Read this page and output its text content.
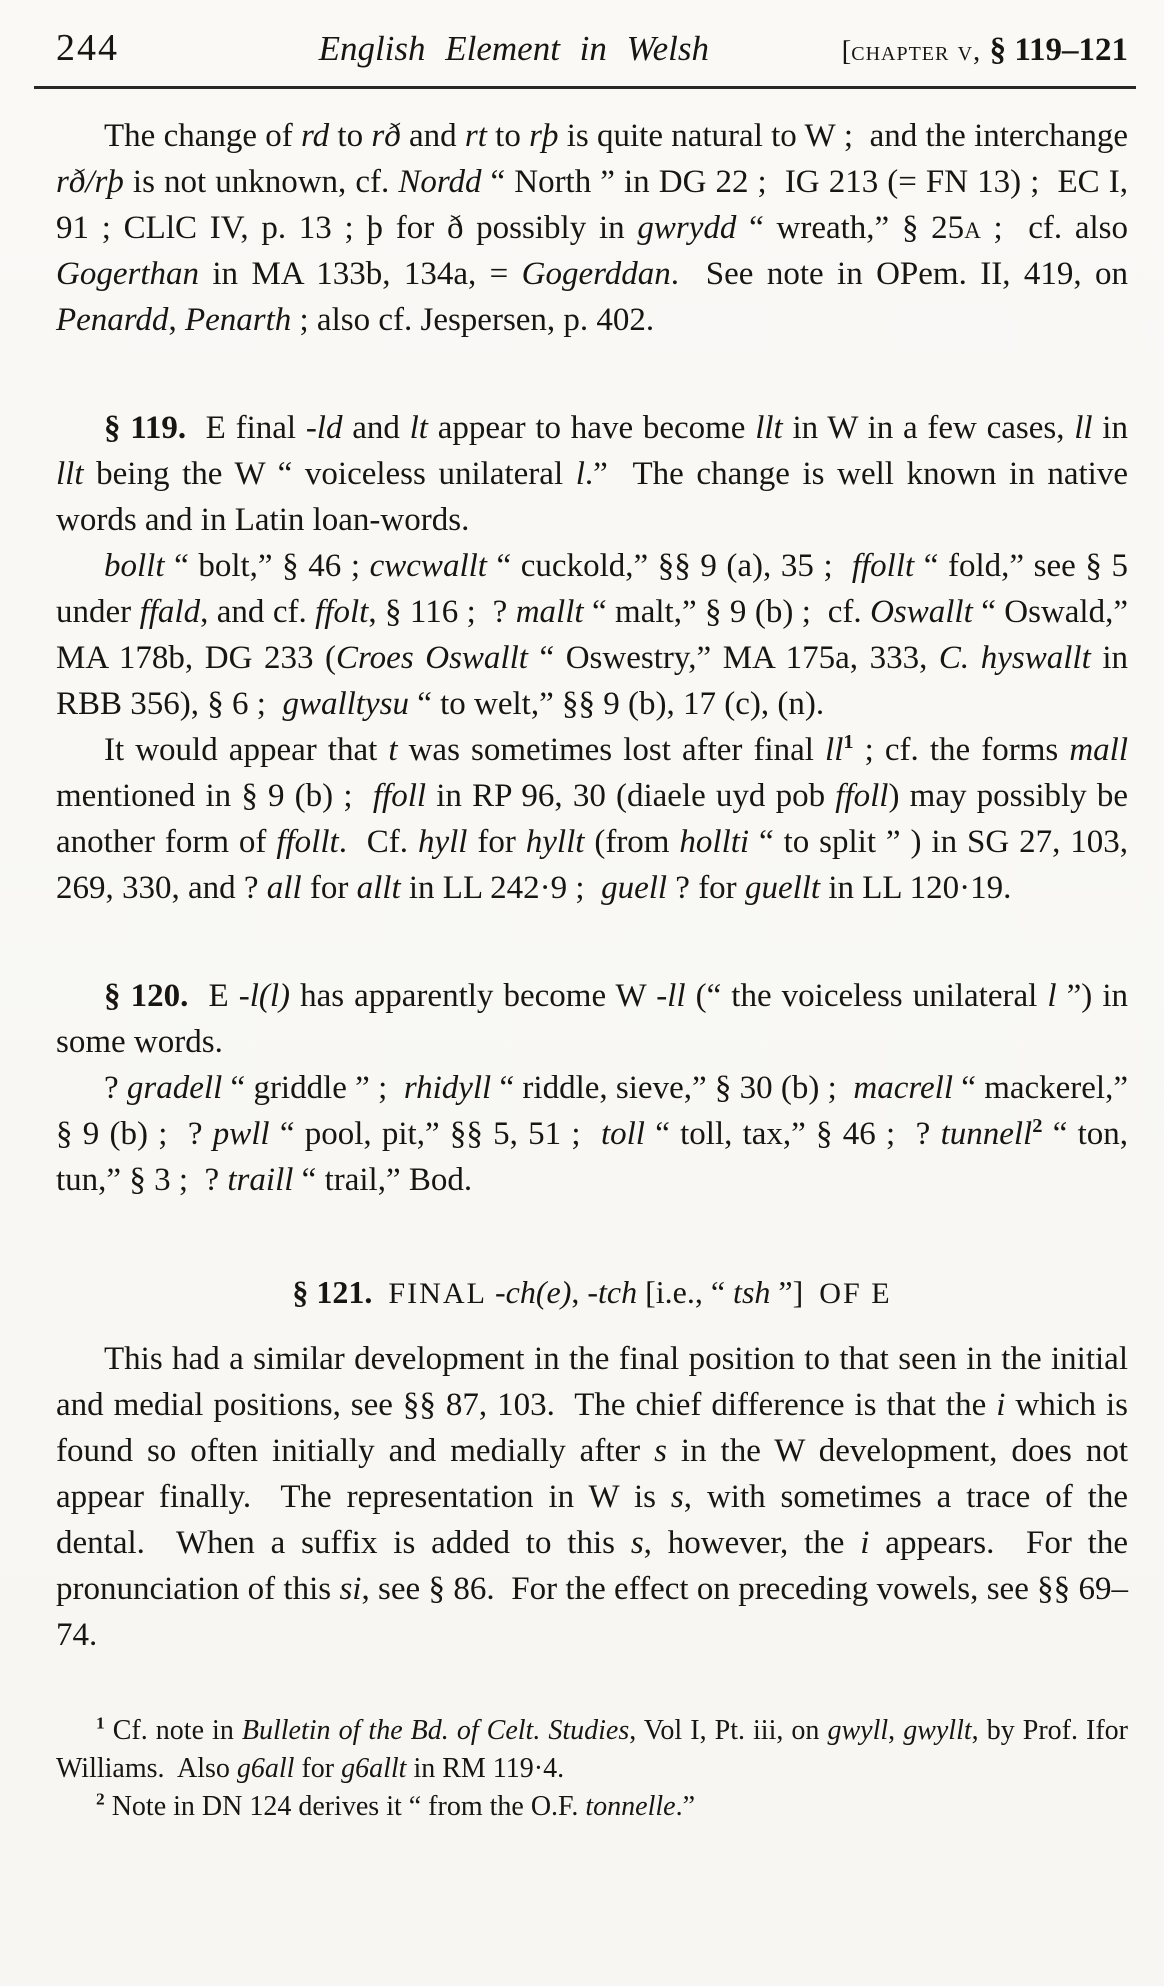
244	English Element in Welsh	[chapter v, § 119–121

The change of rd to rð and rt to rþ is quite natural to W ;  and the interchange rð/rþ is not unknown, cf. Nordd “ North ” in DG 22 ;  IG 213 (= FN 13) ;  EC I, 91 ; CLlC IV, p. 13 ; þ for ð possibly in gwrydd “ wreath,” § 25a ;  cf. also Gogerthan in MA 133b, 134a, = Gogerddan.  See note in OPem. II, 419, on Penardd, Penarth ; also cf. Jespersen, p. 402.

§ 119.  E final -ld and lt appear to have become llt in W in a few cases, ll in llt being the W “ voiceless unilateral l.”  The change is well known in native words and in Latin loan-words.

bollt “ bolt,” § 46 ; cwcwallt “ cuckold,” §§ 9 (a), 35 ;  ffollt “ fold,” see § 5 under ffald, and cf. ffolt, § 116 ;  ? mallt “ malt,” § 9 (b) ;  cf. Oswallt “ Oswald,” MA 178b, DG 233 (Croes Oswallt “ Oswestry,” MA 175a, 333, C. hyswallt in RBB 356), § 6 ;  gwalltysu “ to welt,” §§ 9 (b), 17 (c), (n).

It would appear that t was sometimes lost after final $ll^1$ ; cf. the forms mall mentioned in § 9 (b) ;  ffoll in RP 96, 30 (diaele uyd pob ffoll) may possibly be another form of ffollt.  Cf. hyll for hyllt (from hollti “ to split ” ) in SG 27, 103, 269, 330, and ? all for allt in LL 242·9 ;  guell ? for guellt in LL 120·19.

§ 120.  E -l(l) has apparently become W -ll (“ the voiceless unilateral l ”) in some words.

? gradell “ griddle ” ;  rhidyll “ riddle, sieve,” § 30 (b) ;  macrell “ mackerel,” § 9 (b) ;  ? pwll “ pool, pit,” §§ 5, 51 ;  toll “ toll, tax,” § 46 ;  ? tunnell$^2$ “ ton, tun,” § 3 ;  ? traill “ trail,” Bod.

§ 121. FINAL -ch(e), -tch [i.e., “ tsh ”]  OF E

This had a similar development in the final position to that seen in the initial and medial positions, see §§ 87, 103.  The chief difference is that the i which is found so often initially and medially after s in the W development, does not appear finally.  The representation in W is s, with sometimes a trace of the dental.  When a suffix is added to this s, however, the i appears.  For the pronunciation of this si, see § 86.  For the effect on preceding vowels, see §§ 69–74.

$^1$ Cf. note in Bulletin of the Bd. of Celt. Studies, Vol I, Pt. iii, on gwyll, gwyllt, by Prof. Ifor Williams.  Also g6all for g6allt in RM 119·4.

$^2$ Note in DN 124 derives it “ from the O.F. tonnelle.”
